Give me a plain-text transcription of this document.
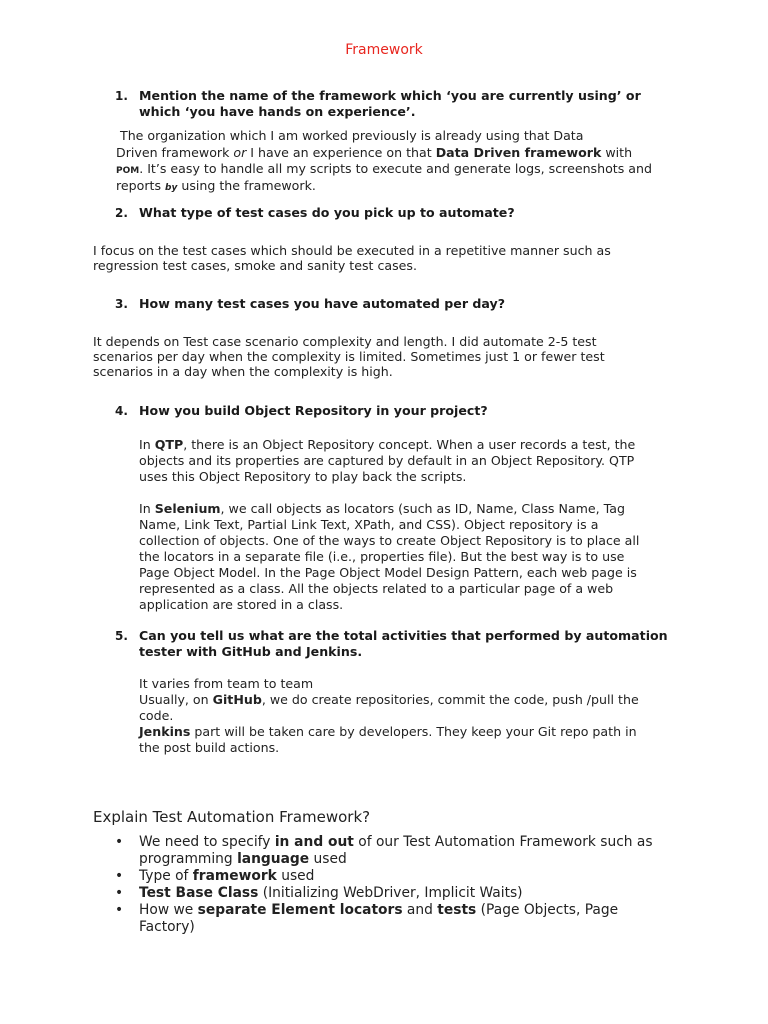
Framework
1. Mention the name of the framework which ‘you are currently using’ or which ‘you have hands on experience’.
The organization which I am worked previously is already using that Data
Driven framework or I have an experience on that Data Driven framework with
POM. It’s easy to handle all my scripts to execute and generate logs, screenshots and
reports by using the framework.
2. What type of test cases do you pick up to automate?
I focus on the test cases which should be executed in a repetitive manner such as
regression test cases, smoke and sanity test cases.
3. How many test cases you have automated per day?
It depends on Test case scenario complexity and length. I did automate 2-5 test
scenarios per day when the complexity is limited. Sometimes just 1 or fewer test
scenarios in a day when the complexity is high.
4. How you build Object Repository in your project?
In QTP, there is an Object Repository concept. When a user records a test, the
objects and its properties are captured by default in an Object Repository. QTP
uses this Object Repository to play back the scripts.
In Selenium, we call objects as locators (such as ID, Name, Class Name, Tag
Name, Link Text, Partial Link Text, XPath, and CSS). Object repository is a
collection of objects. One of the ways to create Object Repository is to place all
the locators in a separate file (i.e., properties file). But the best way is to use
Page Object Model. In the Page Object Model Design Pattern, each web page is
represented as a class. All the objects related to a particular page of a web
application are stored in a class.
5. Can you tell us what are the total activities that performed by automation tester with GitHub and Jenkins.
It varies from team to team
Usually, on GitHub, we do create repositories, commit the code, push /pull the
code.
Jenkins part will be taken care by developers. They keep your Git repo path in
the post build actions.
Explain Test Automation Framework?
• We need to specify in and out of our Test Automation Framework such as
programming language used
• Type of framework used
• Test Base Class (Initializing WebDriver, Implicit Waits)
• How we separate Element locators and tests (Page Objects, Page
Factory)
